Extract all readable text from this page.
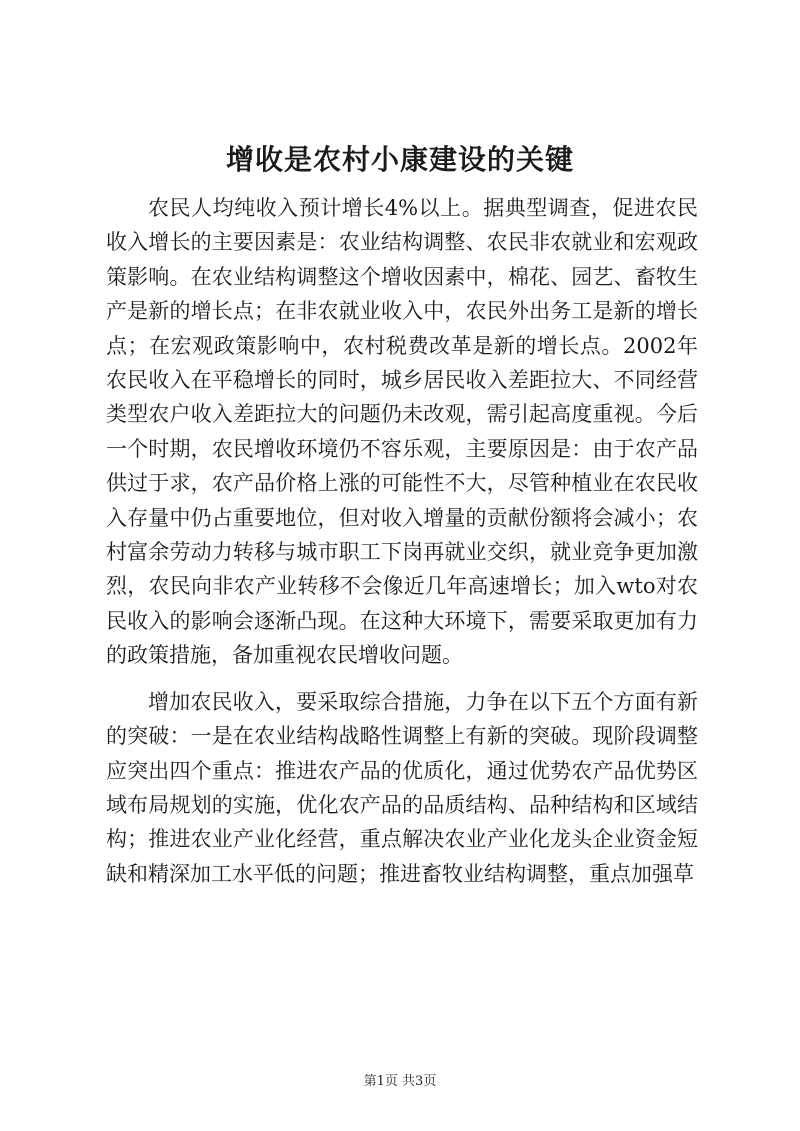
增收是农村小康建设的关键

农民人均纯收入预计增长4%以上。据典型调查，促进农民收入增长的主要因素是：农业结构调整、农民非农就业和宏观政策影响。在农业结构调整这个增收因素中，棉花、园艺、畜牧生产是新的增长点；在非农就业收入中，农民外出务工是新的增长点；在宏观政策影响中，农村税费改革是新的增长点。2002年农民收入在平稳增长的同时，城乡居民收入差距拉大、不同经营类型农户收入差距拉大的问题仍未改观，需引起高度重视。今后一个时期，农民增收环境仍不容乐观，主要原因是：由于农产品供过于求，农产品价格上涨的可能性不大，尽管种植业在农民收入存量中仍占重要地位，但对收入增量的贡献份额将会减小；农村富余劳动力转移与城市职工下岗再就业交织，就业竞争更加激烈，农民向非农产业转移不会像近几年高速增长；加入wto对农民收入的影响会逐渐凸现。在这种大环境下，需要采取更加有力的政策措施，备加重视农民增收问题。

增加农民收入，要采取综合措施，力争在以下五个方面有新的突破：一是在农业结构战略性调整上有新的突破。现阶段调整应突出四个重点：推进农产品的优质化，通过优势农产品优势区域布局规划的实施，优化农产品的品质结构、品种结构和区域结构；推进农业产业化经营，重点解决农业产业化龙头企业资金短缺和精深加工水平低的问题；推进畜牧业结构调整，重点加强草

第1页 共3页
